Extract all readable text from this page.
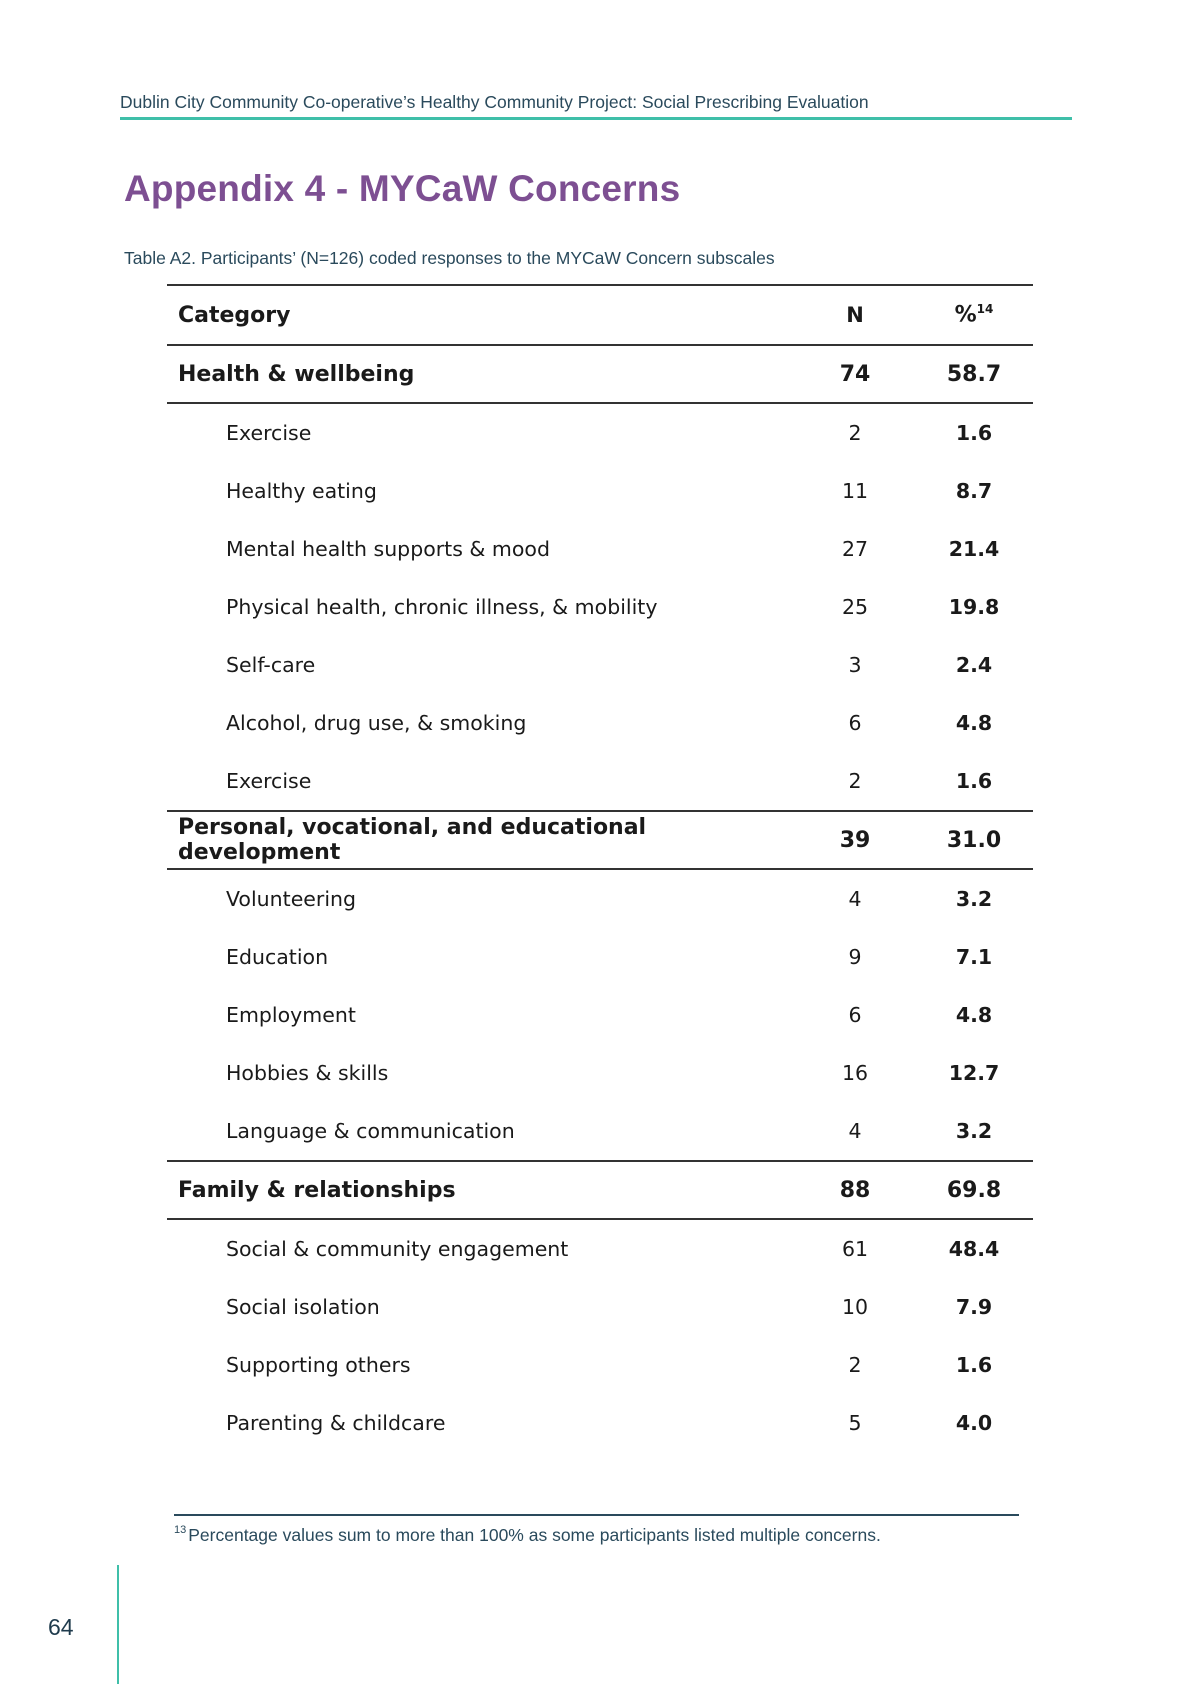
Dublin City Community Co-operative’s Healthy Community Project: Social Prescribing Evaluation
Appendix 4 - MYCaW Concerns
Table A2. Participants’ (N=126) coded responses to the MYCaW Concern subscales
Category	N	%$^{14}$
Health & wellbeing	74	58.7
Exercise	2	1.6
Healthy eating	11	8.7
Mental health supports & mood	27	21.4
Physical health, chronic illness, & mobility	25	19.8
Self-care	3	2.4
Alcohol, drug use, & smoking	6	4.8
Exercise	2	1.6
Personal, vocational, and educational development	39	31.0
Volunteering	4	3.2
Education	9	7.1
Employment	6	4.8
Hobbies & skills	16	12.7
Language & communication	4	3.2
Family & relationships	88	69.8
Social & community engagement	61	48.4
Social isolation	10	7.9
Supporting others	2	1.6
Parenting & childcare	5	4.0
$^{13}$ Percentage values sum to more than 100% as some participants listed multiple concerns.
64
